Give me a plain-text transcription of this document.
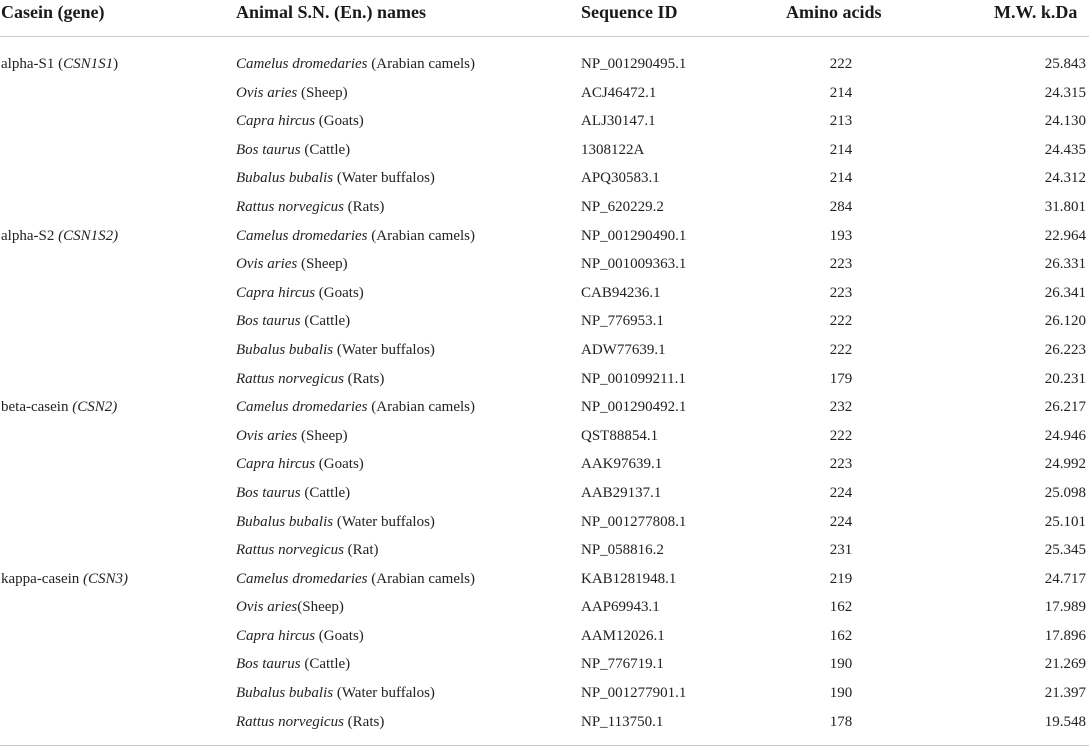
Casein (gene)	Animal S.N. (En.) names	Sequence ID	Amino acids	M.W. k.Da
alpha-S1 (CSN1S1)	Camelus dromedaries (Arabian camels)	NP_001290495.1	222	25.843
Ovis aries (Sheep)	ACJ46472.1	214	24.315
Capra hircus (Goats)	ALJ30147.1	213	24.130
Bos taurus (Cattle)	1308122A	214	24.435
Bubalus bubalis (Water buffalos)	APQ30583.1	214	24.312
Rattus norvegicus (Rats)	NP_620229.2	284	31.801
alpha-S2 (CSN1S2)	Camelus dromedaries (Arabian camels)	NP_001290490.1	193	22.964
Ovis aries (Sheep)	NP_001009363.1	223	26.331
Capra hircus (Goats)	CAB94236.1	223	26.341
Bos taurus (Cattle)	NP_776953.1	222	26.120
Bubalus bubalis (Water buffalos)	ADW77639.1	222	26.223
Rattus norvegicus (Rats)	NP_001099211.1	179	20.231
beta-casein (CSN2)	Camelus dromedaries (Arabian camels)	NP_001290492.1	232	26.217
Ovis aries (Sheep)	QST88854.1	222	24.946
Capra hircus (Goats)	AAK97639.1	223	24.992
Bos taurus (Cattle)	AAB29137.1	224	25.098
Bubalus bubalis (Water buffalos)	NP_001277808.1	224	25.101
Rattus norvegicus (Rat)	NP_058816.2	231	25.345
kappa-casein (CSN3)	Camelus dromedaries (Arabian camels)	KAB1281948.1	219	24.717
Ovis aries(Sheep)	AAP69943.1	162	17.989
Capra hircus (Goats)	AAM12026.1	162	17.896
Bos taurus (Cattle)	NP_776719.1	190	21.269
Bubalus bubalis (Water buffalos)	NP_001277901.1	190	21.397
Rattus norvegicus (Rats)	NP_113750.1	178	19.548
